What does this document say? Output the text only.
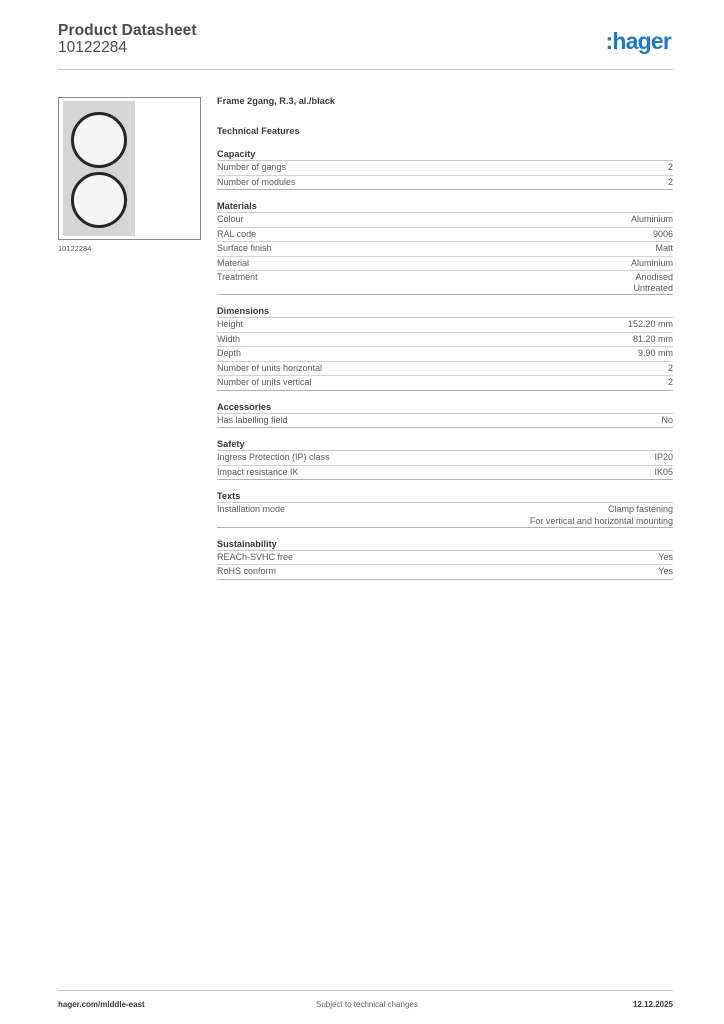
Product Datasheet
10122284	:hager
10122284
Frame 2gang, R.3, al./black
Technical Features
Capacity
Number of gangs	2
Number of modules	2
Materials
Colour	Aluminium
RAL code	9006
Surface finish	Matt
Material	Aluminium
Treatment	Anodised
Untreated
Dimensions
Height	152.20 mm
Width	81.20 mm
Depth	9.90 mm
Number of units horizontal	2
Number of units vertical	2
Accessories
Has labelling field	No
Safety
Ingress Protection (IP) class	IP20
Impact resistance IK	IK05
Texts
Installation mode	Clamp fastening
For vertical and horizontal mounting
Sustainability
REACh-SVHC free	Yes
RoHS conform	Yes
hager.com/middle-east	Subject to technical changes	12.12.2025
